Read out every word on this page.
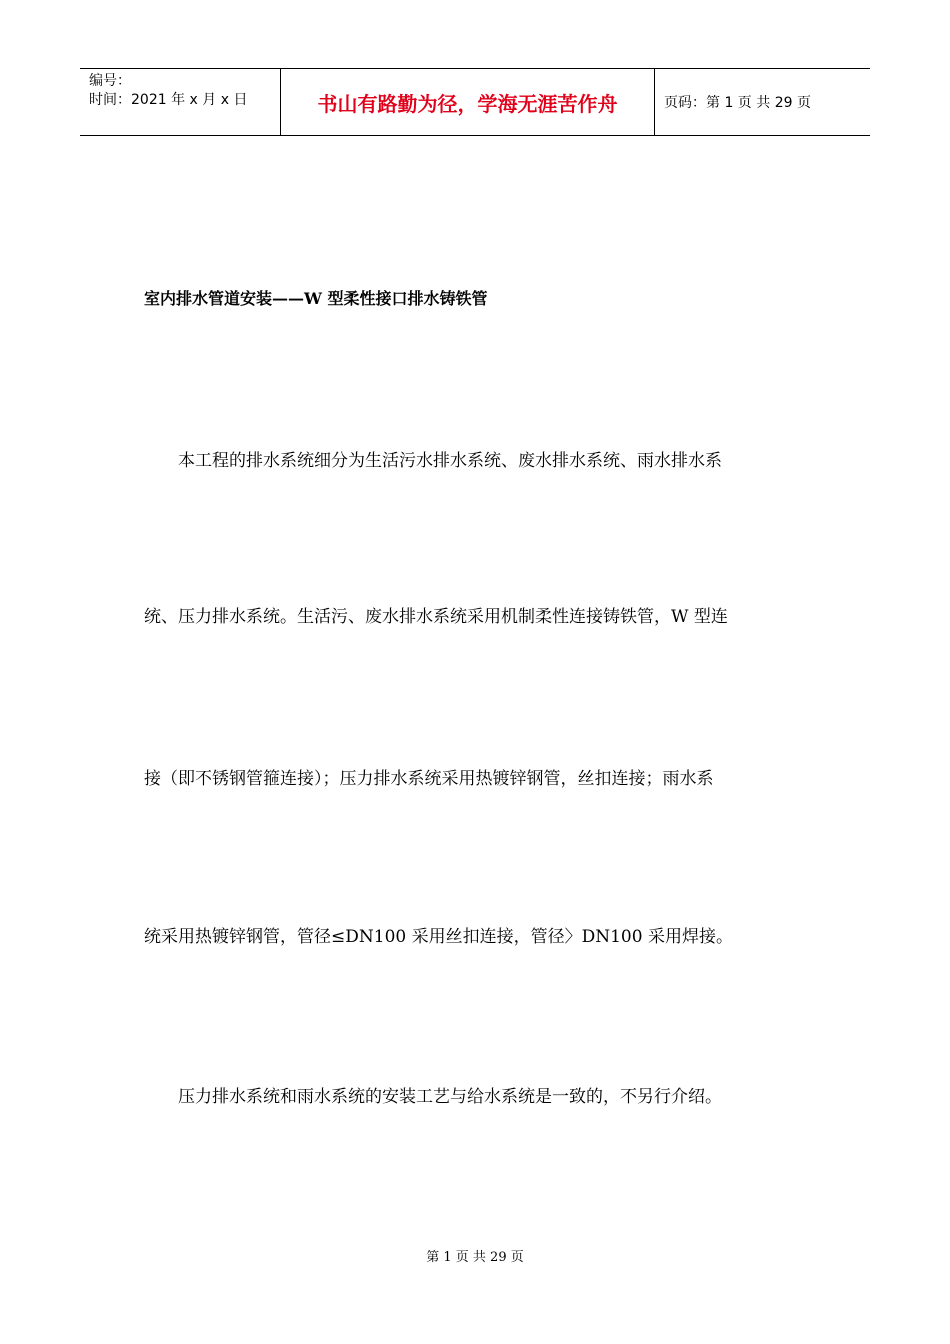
编号：
时间：2021 年 x 月 x 日	书山有路勤为径，学海无涯苦作舟	页码：第 1 页 共 29 页
室内排水管道安装——W 型柔性接口排水铸铁管
　　本工程的排水系统细分为生活污水排水系统、废水排水系统、雨水排水系
统、压力排水系统。生活污、废水排水系统采用机制柔性连接铸铁管，W 型连
接（即不锈钢管箍连接）；压力排水系统采用热镀锌钢管，丝扣连接；雨水系
统采用热镀锌钢管，管径≤DN100 采用丝扣连接，管径〉DN100 采用焊接。
　　压力排水系统和雨水系统的安装工艺与给水系统是一致的，不另行介绍。
第 1 页 共 29 页
